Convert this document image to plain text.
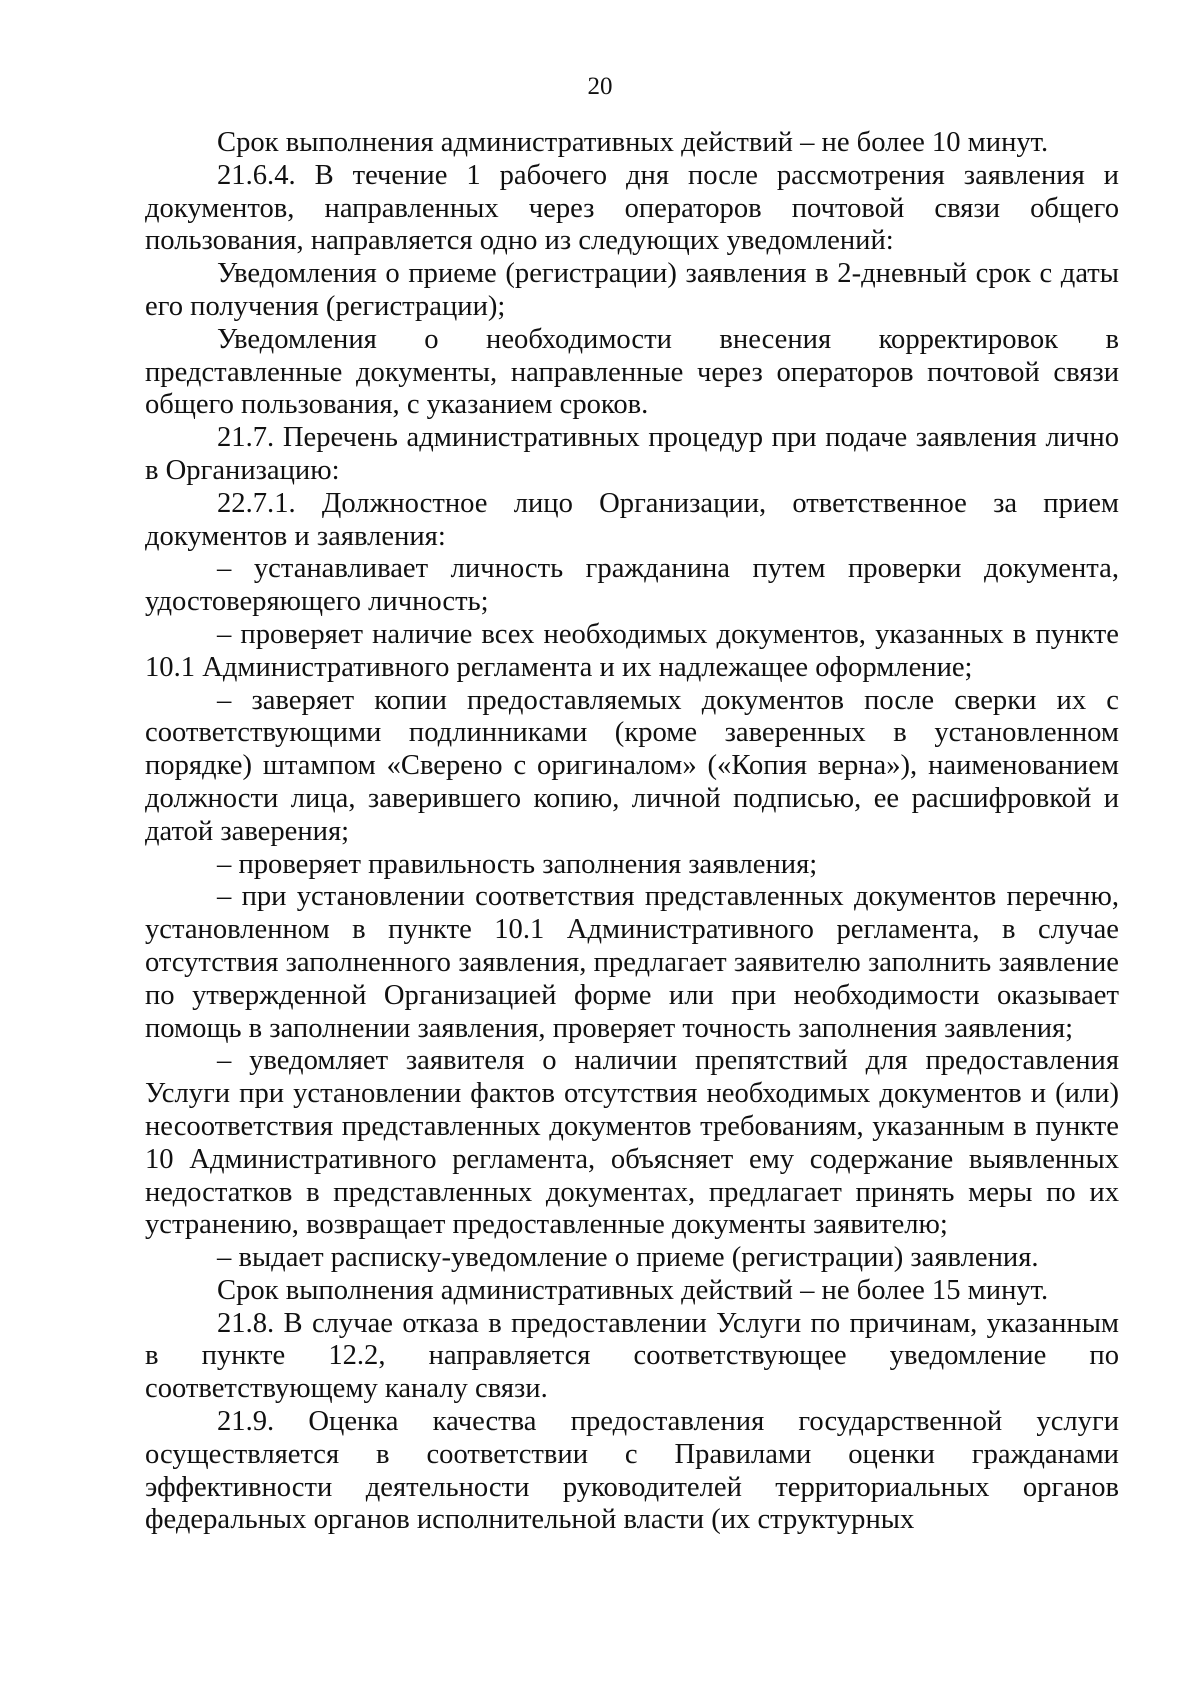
20

Срок выполнения административных действий – не более 10 минут.

21.6.4. В течение 1 рабочего дня после рассмотрения заявления и документов, направленных через операторов почтовой связи общего пользования, направляется одно из следующих уведомлений:

Уведомления о приеме (регистрации) заявления в 2-дневный срок с даты его получения (регистрации);

Уведомления о необходимости внесения корректировок в представленные документы, направленные через операторов почтовой связи общего пользования, с указанием сроков.

21.7. Перечень административных процедур при подаче заявления лично в Организацию:

22.7.1. Должностное лицо Организации, ответственное за прием документов и заявления:

– устанавливает личность гражданина путем проверки документа, удостоверяющего личность;

– проверяет наличие всех необходимых документов, указанных в пункте 10.1 Административного регламента и их надлежащее оформление;

– заверяет копии предоставляемых документов после сверки их с соответствующими подлинниками (кроме заверенных в установленном порядке) штампом «Сверено с оригиналом» («Копия верна»), наименованием должности лица, заверившего копию, личной подписью, ее расшифровкой и датой заверения;

– проверяет правильность заполнения заявления;

– при установлении соответствия представленных документов перечню, установленном в пункте 10.1 Административного регламента, в случае отсутствия заполненного заявления, предлагает заявителю заполнить заявление по утвержденной Организацией форме или при необходимости оказывает помощь в заполнении заявления, проверяет точность заполнения заявления;

– уведомляет заявителя о наличии препятствий для предоставления Услуги при установлении фактов отсутствия необходимых документов и (или) несоответствия представленных документов требованиям, указанным в пункте 10 Административного регламента, объясняет ему содержание выявленных недостатков в представленных документах, предлагает принять меры по их устранению, возвращает предоставленные документы заявителю;

– выдает расписку-уведомление о приеме (регистрации) заявления.

Срок выполнения административных действий – не более 15 минут.

21.8. В случае отказа в предоставлении Услуги по причинам, указанным в пункте 12.2, направляется соответствующее уведомление по соответствующему каналу связи.

21.9. Оценка качества предоставления государственной услуги осуществляется в соответствии с Правилами оценки гражданами эффективности деятельности руководителей территориальных органов федеральных органов исполнительной власти (их структурных
